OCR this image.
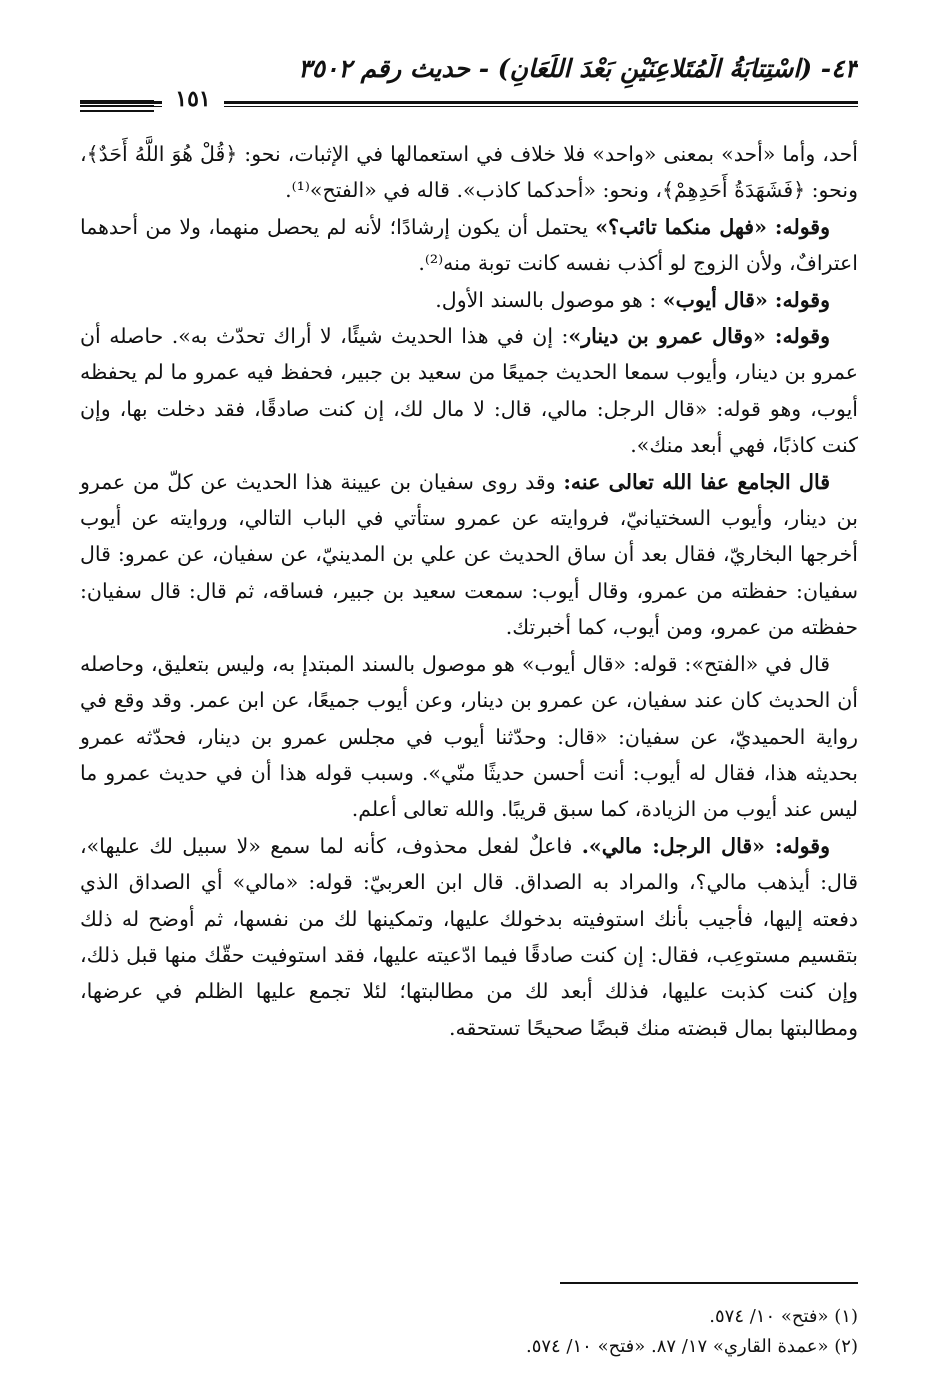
٤٣- (اسْتِتابَةُ الْمُتَلاعِنَيْنِ بَعْدَ اللِّعَانِ) - حديث رقم ٣٥٠٢
١٥١

أحد، وأما «أحد» بمعنى «واحد» فلا خلاف في استعمالها في الإثبات، نحو: ﴿قُلْ هُوَ اللَّهُ أَحَدٌ﴾، ونحو: ﴿فَشَهَدَةُ أَحَدِهِمْ﴾، ونحو: «أحدكما كاذب». قاله في «الفتح»⁽¹⁾.

وقوله: «فهل منكما تائب؟» يحتمل أن يكون إرشادًا؛ لأنه لم يحصل منهما، ولا من أحدهما اعترافٌ، ولأن الزوج لو أكذب نفسه كانت توبة منه⁽²⁾.

وقوله: «قال أيوب» : هو موصول بالسند الأول.

وقوله: «وقال عمرو بن دينار»: إن في هذا الحديث شيئًا، لا أراك تحدّث به». حاصله أن عمرو بن دينار، وأيوب سمعا الحديث جميعًا من سعيد بن جبير، فحفظ فيه عمرو ما لم يحفظه أيوب، وهو قوله: «قال الرجل: مالي، قال: لا مال لك، إن كنت صادقًا، فقد دخلت بها، وإن كنت كاذبًا، فهي أبعد منك».

قال الجامع عفا الله تعالى عنه: وقد روى سفيان بن عيينة هذا الحديث عن كلّ من عمرو بن دينار، وأيوب السختيانيّ، فروايته عن عمرو ستأتي في الباب التالي، وروايته عن أيوب أخرجها البخاريّ، فقال بعد أن ساق الحديث عن علي بن المدينيّ، عن سفيان، عن عمرو: قال سفيان: حفظته من عمرو، وقال أيوب: سمعت سعيد بن جبير، فساقه، ثم قال: قال سفيان: حفظته من عمرو، ومن أيوب، كما أخبرتك.

قال في «الفتح»: قوله: «قال أيوب» هو موصول بالسند المبتدإ به، وليس بتعليق، وحاصله أن الحديث كان عند سفيان، عن عمرو بن دينار، وعن أيوب جميعًا، عن ابن عمر. وقد وقع في رواية الحميديّ، عن سفيان: «قال: وحدّثنا أيوب في مجلس عمرو بن دينار، فحدّثه عمرو بحديثه هذا، فقال له أيوب: أنت أحسن حديثًا منّي». وسبب قوله هذا أن في حديث عمرو ما ليس عند أيوب من الزيادة، كما سبق قريبًا. والله تعالى أعلم.

وقوله: «قال الرجل: مالي». فاعلٌ لفعل محذوف، كأنه لما سمع «لا سبيل لك عليها»، قال: أيذهب مالي؟، والمراد به الصداق. قال ابن العربيّ: قوله: «مالي» أي الصداق الذي دفعته إليها، فأجيب بأنك استوفيته بدخولك عليها، وتمكينها لك من نفسها، ثم أوضح له ذلك بتقسيم مستوعِب، فقال: إن كنت صادقًا فيما ادّعيته عليها، فقد استوفيت حقّك منها قبل ذلك، وإن كنت كذبت عليها، فذلك أبعد لك من مطالبتها؛ لئلا تجمع عليها الظلم في عرضها، ومطالبتها بمال قبضته منك قبضًا صحيحًا تستحقه.

(١) «فتح» ١٠/ ٥٧٤.
(٢) «عمدة القاري» ١٧/ ٨٧. «فتح» ١٠/ ٥٧٤.
